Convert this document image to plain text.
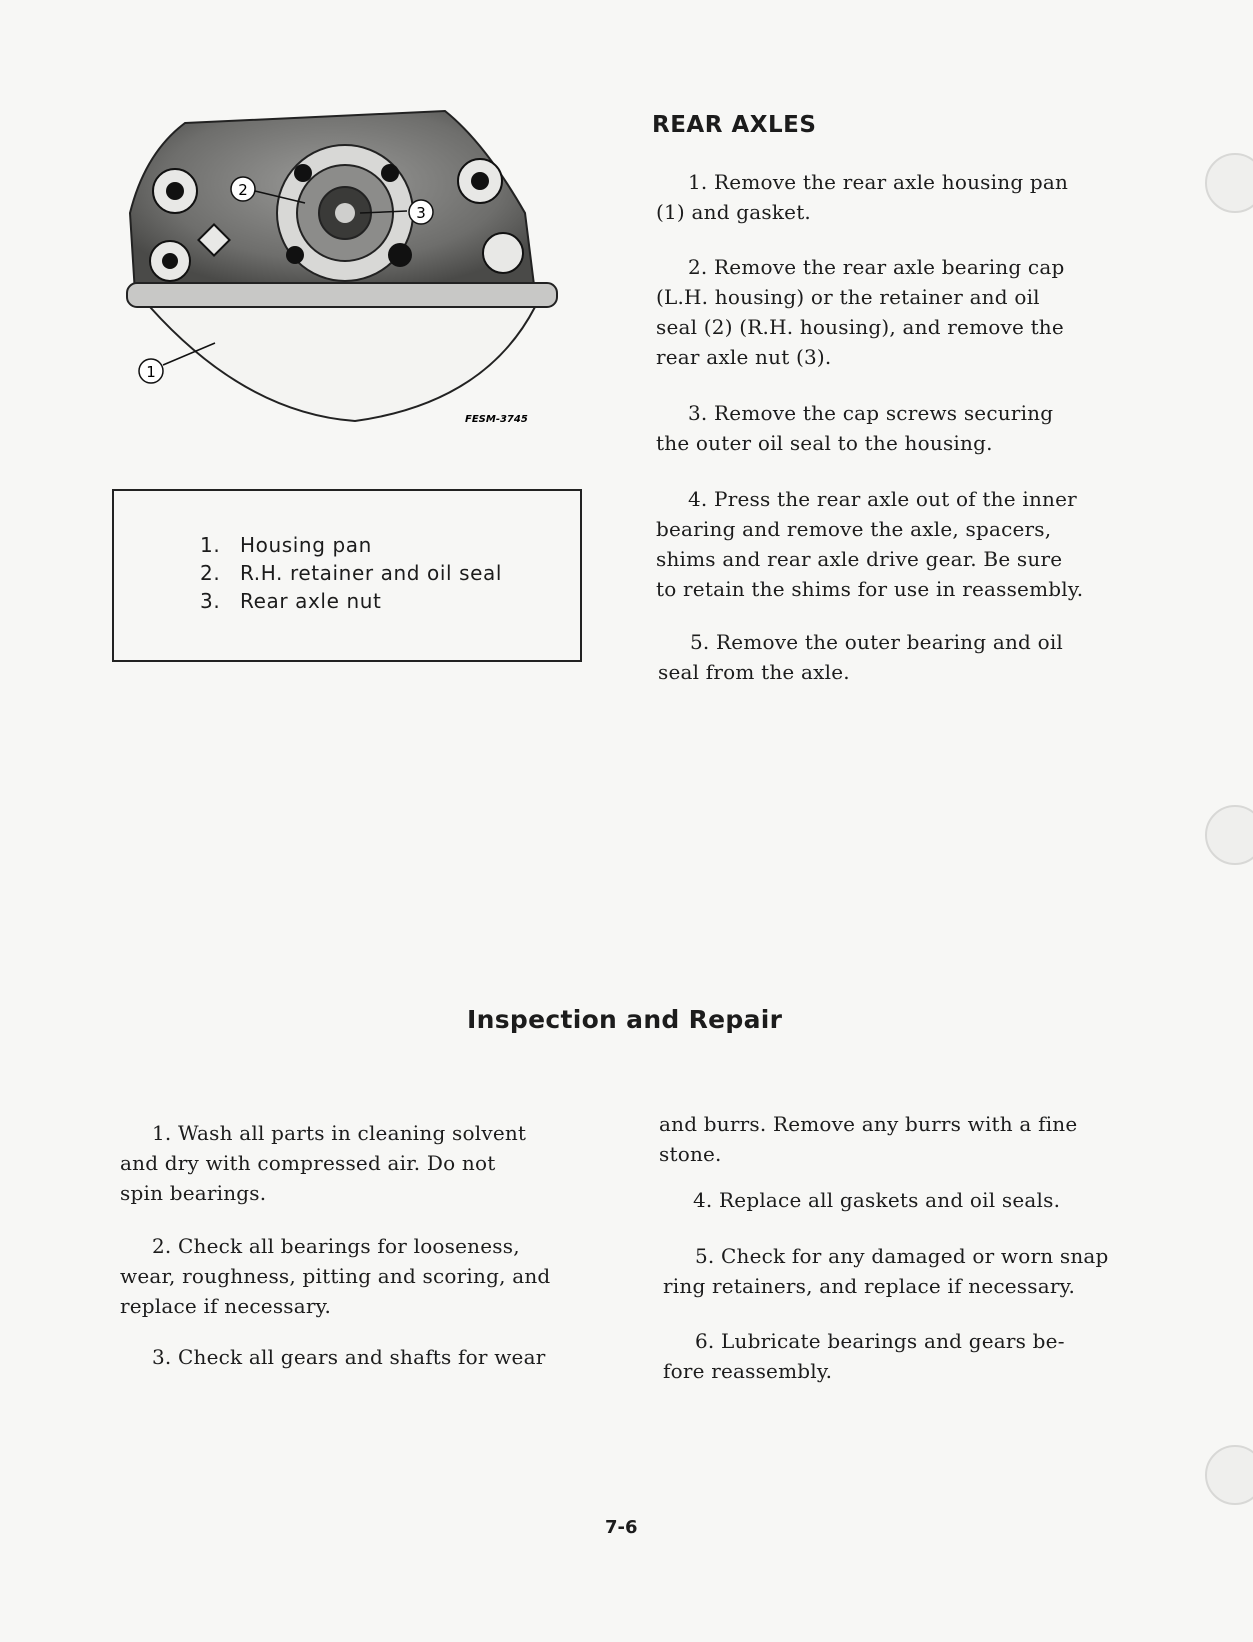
2
3
1
FESM-3745
1. Housing pan
2. R.H. retainer and oil seal
3. Rear axle nut
REAR AXLES
1. Remove the rear axle housing pan
(1) and gasket.
2. Remove the rear axle bearing cap
(L.H. housing) or the retainer and oil
seal (2) (R.H. housing), and remove the
rear axle nut (3).
3. Remove the cap screws securing
the outer oil seal to the housing.
4. Press the rear axle out of the inner
bearing and remove the axle, spacers,
shims and rear axle drive gear. Be sure
to retain the shims for use in reassembly.
5. Remove the outer bearing and oil
seal from the axle.
Inspection and Repair
1. Wash all parts in cleaning solvent
and dry with compressed air. Do not
spin bearings.
2. Check all bearings for looseness,
wear, roughness, pitting and scoring, and
replace if necessary.
3. Check all gears and shafts for wear
and burrs. Remove any burrs with a fine
stone.
4. Replace all gaskets and oil seals.
5. Check for any damaged or worn snap
ring retainers, and replace if necessary.
6. Lubricate bearings and gears be-
fore reassembly.
7-6
